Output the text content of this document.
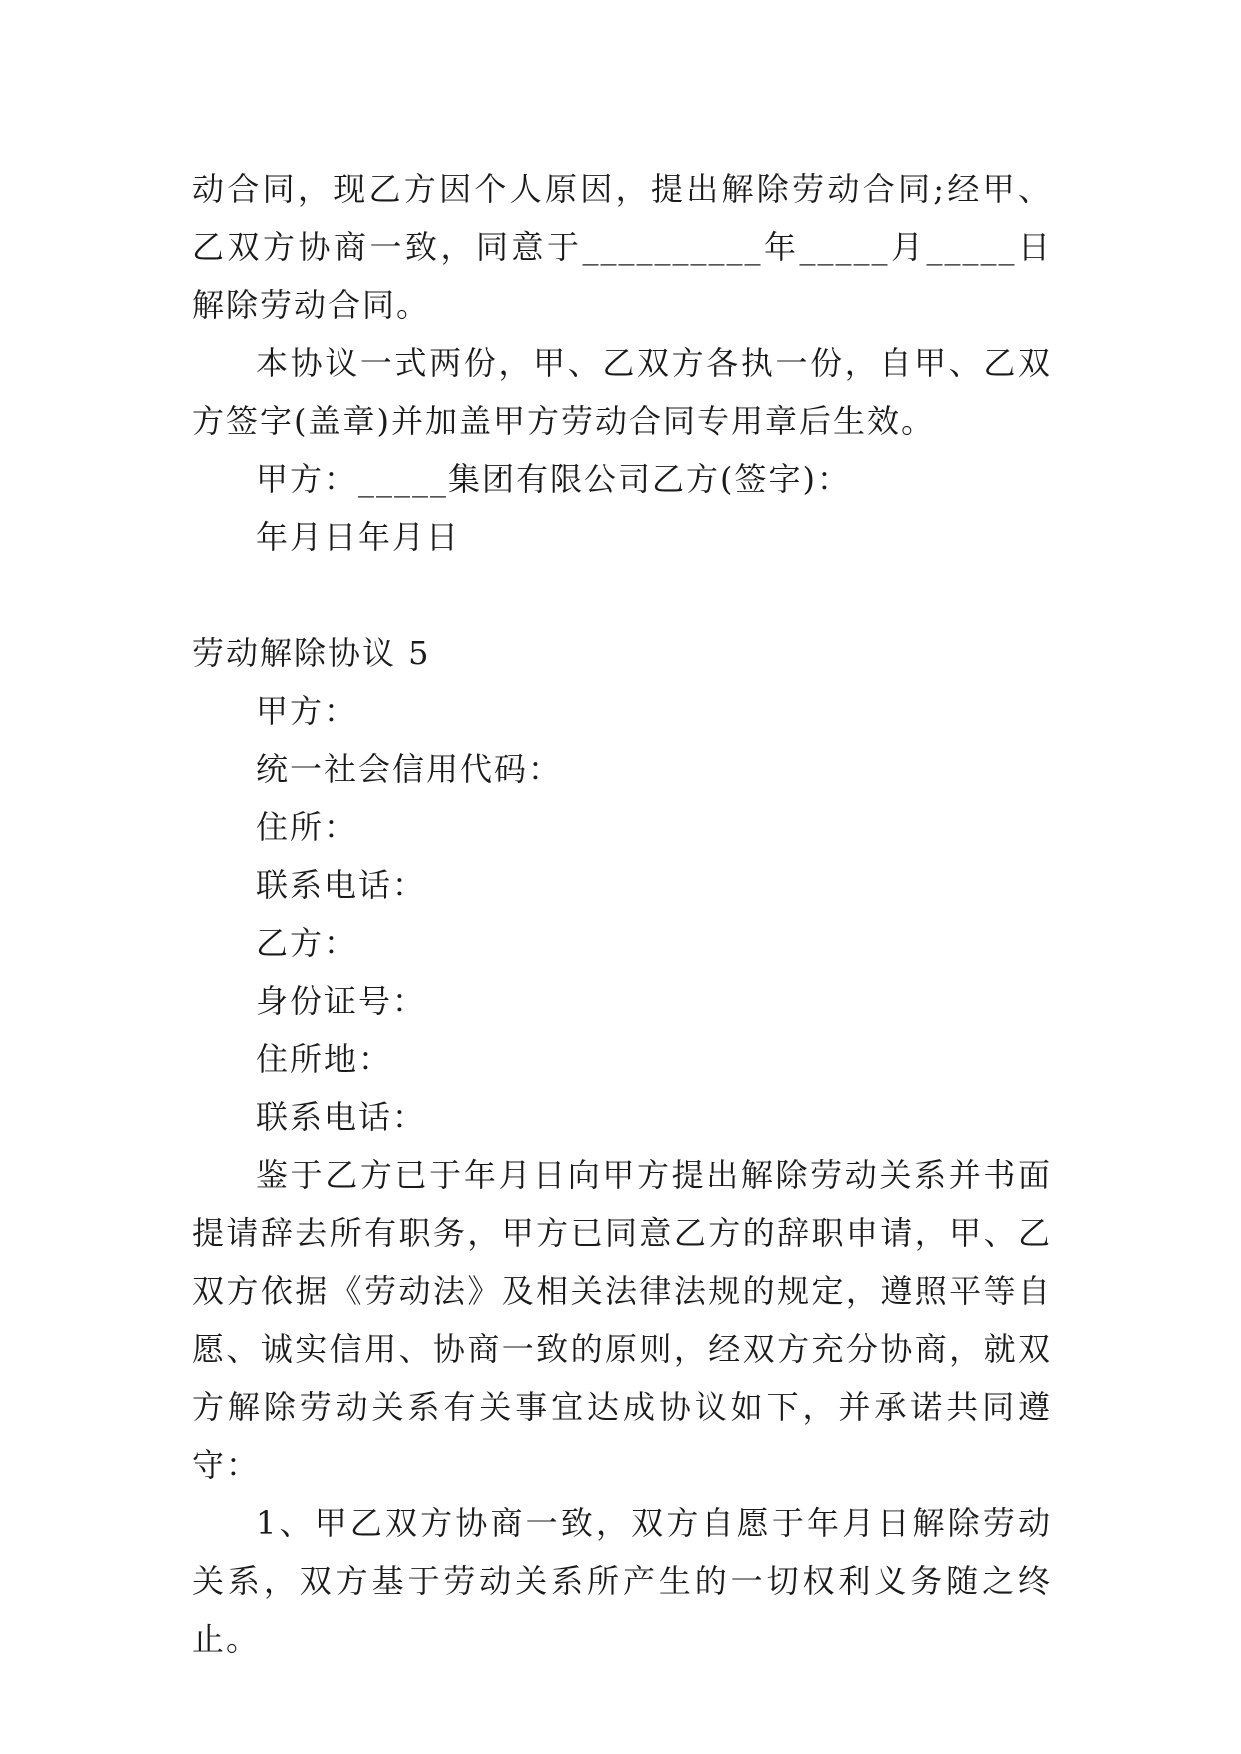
动合同，现乙方因个人原因，提出解除劳动合同;经甲、乙双方协商一致，同意于__________年_____月_____日解除劳动合同。

本协议一式两份，甲、乙双方各执一份，自甲、乙双方签字(盖章)并加盖甲方劳动合同专用章后生效。

甲方：_____集团有限公司乙方(签字)：

年月日年月日

劳动解除协议 5

甲方：

统一社会信用代码：

住所：

联系电话：

乙方：

身份证号：

住所地：

联系电话：

鉴于乙方已于年月日向甲方提出解除劳动关系并书面提请辞去所有职务，甲方已同意乙方的辞职申请，甲、乙双方依据《劳动法》及相关法律法规的规定，遵照平等自愿、诚实信用、协商一致的原则，经双方充分协商，就双方解除劳动关系有关事宜达成协议如下，并承诺共同遵守：

1、甲乙双方协商一致，双方自愿于年月日解除劳动关系，双方基于劳动关系所产生的一切权利义务随之终止。
